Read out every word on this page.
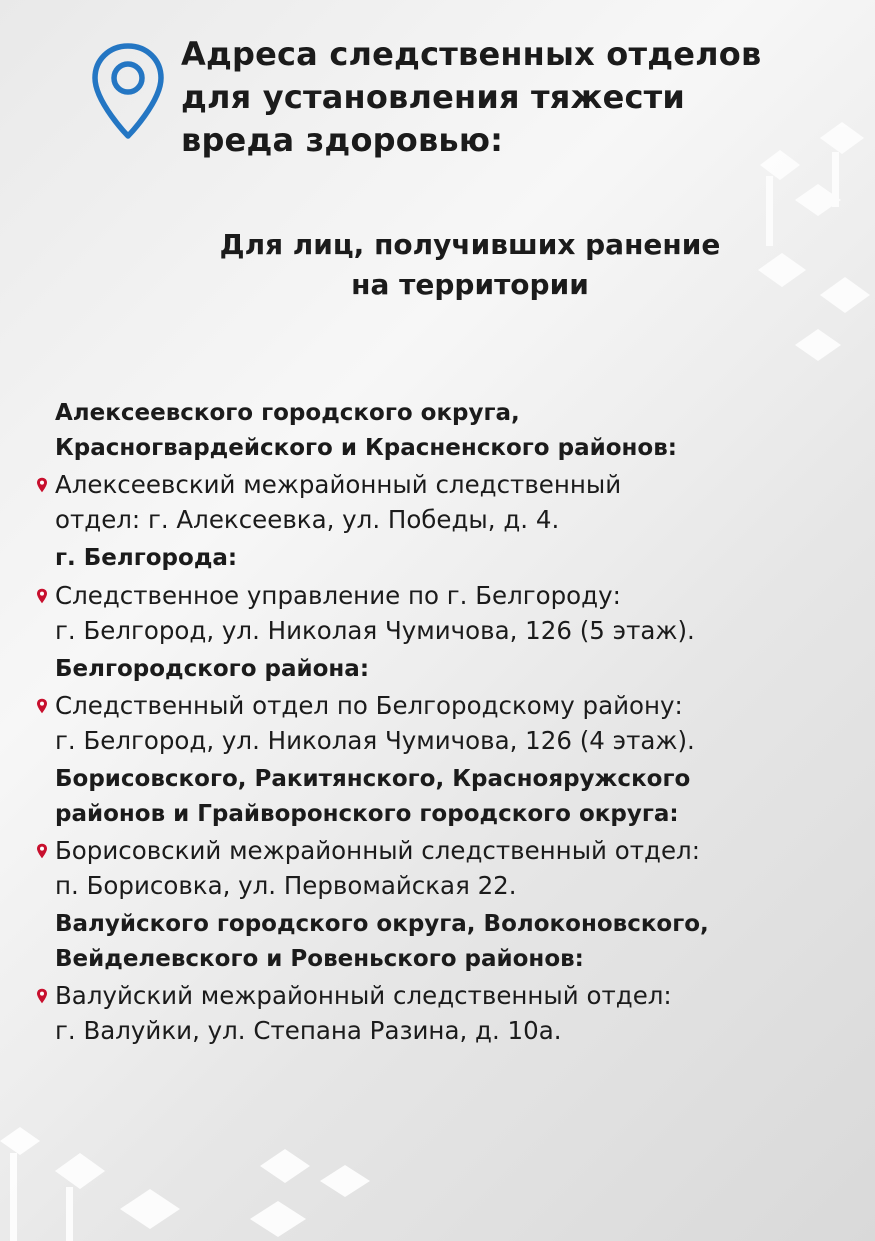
Адреса следственных отделов
для установления тяжести
вреда здоровью:
Для лиц, получивших ранение
на территории
Алексеевского городского округа,
Красногвардейского и Красненского районов:

Алексеевский межрайонный следственный
отдел: г. Алексеевка, ул. Победы, д. 4.

г. Белгорода:

Следственное управление по г. Белгороду:
г. Белгород, ул. Николая Чумичова, 126 (5 этаж).

Белгородского района:

Следственный отдел по Белгородскому району:
г. Белгород, ул. Николая Чумичова, 126 (4 этаж).

Борисовского, Ракитянского, Краснояружского
районов и Грайворонского городского округа:

Борисовский межрайонный следственный отдел:
п. Борисовка, ул. Первомайская 22.

Валуйского городского округа, Волоконовского,
Вейделевского и Ровеньского районов:

Валуйский межрайонный следственный отдел:
г. Валуйки, ул. Степана Разина, д. 10а.
